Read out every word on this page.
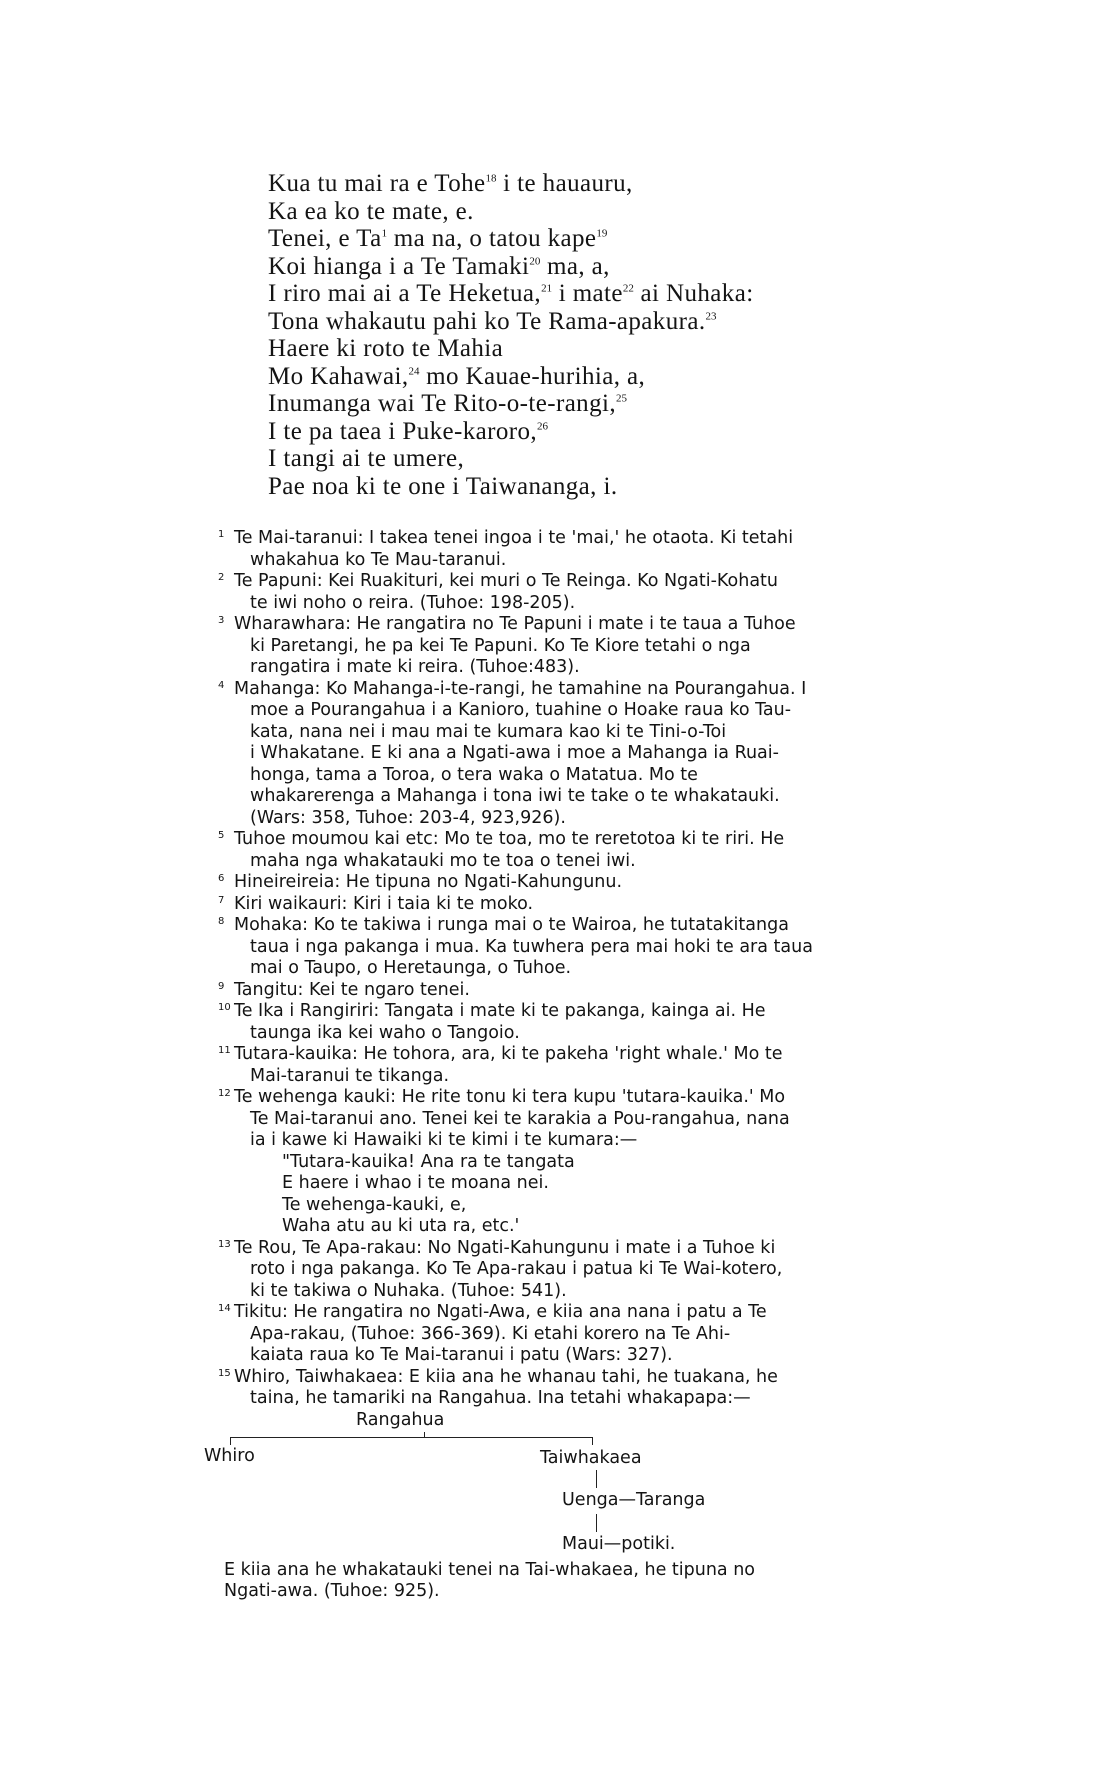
Kua tu mai ra e Tohe$^{18}$ i te hauauru,
Ka ea ko te mate, e.
Tenei, e Ta$^1$ ma na, o tatou kape$^{19}$
Koi hianga i a Te Tamaki$^{20}$ ma, a,
I riro mai ai a Te Heketua,$^{21}$ i mate$^{22}$ ai Nuhaka:
Tona whakautu pahi ko Te Rama-apakura.$^{23}$
Haere ki roto te Mahia
Mo Kahawai,$^{24}$ mo Kauae-hurihia, a,
Inumanga wai Te Rito-o-te-rangi,$^{25}$
I te pa taea i Puke-karoro,$^{26}$
I tangi ai te umere,
Pae noa ki te one i Taiwananga, i.
1 Te Mai-taranui: I takea tenei ingoa i te 'mai,' he otaota. Ki tetahi
whakahua ko Te Mau-taranui.
2 Te Papuni: Kei Ruakituri, kei muri o Te Reinga. Ko Ngati-Kohatu
te iwi noho o reira. (Tuhoe: 198-205).
3 Wharawhara: He rangatira no Te Papuni i mate i te taua a Tuhoe
ki Paretangi, he pa kei Te Papuni. Ko Te Kiore tetahi o nga
rangatira i mate ki reira. (Tuhoe:483).
4 Mahanga: Ko Mahanga-i-te-rangi, he tamahine na Pourangahua. I
moe a Pourangahua i a Kanioro, tuahine o Hoake raua ko Tau-
kata, nana nei i mau mai te kumara kao ki te Tini-o-Toi
i Whakatane. E ki ana a Ngati-awa i moe a Mahanga ia Ruai-
honga, tama a Toroa, o tera waka o Matatua. Mo te
whakarerenga a Mahanga i tona iwi te take o te whakatauki.
(Wars: 358, Tuhoe: 203-4, 923,926).
5 Tuhoe moumou kai etc: Mo te toa, mo te reretotoa ki te riri. He
maha nga whakatauki mo te toa o tenei iwi.
6 Hineireireia: He tipuna no Ngati-Kahungunu.
7 Kiri waikauri: Kiri i taia ki te moko.
8 Mohaka: Ko te takiwa i runga mai o te Wairoa, he tutatakitanga
taua i nga pakanga i mua. Ka tuwhera pera mai hoki te ara taua
mai o Taupo, o Heretaunga, o Tuhoe.
9 Tangitu: Kei te ngaro tenei.
10 Te Ika i Rangiriri: Tangata i mate ki te pakanga, kainga ai. He
taunga ika kei waho o Tangoio.
11 Tutara-kauika: He tohora, ara, ki te pakeha 'right whale.' Mo te
Mai-taranui te tikanga.
12 Te wehenga kauki: He rite tonu ki tera kupu 'tutara-kauika.' Mo
Te Mai-taranui ano. Tenei kei te karakia a Pou-rangahua, nana
ia i kawe ki Hawaiki ki te kimi i te kumara:—
"Tutara-kauika! Ana ra te tangata
E haere i whao i te moana nei.
Te wehenga-kauki, e,
Waha atu au ki uta ra, etc.'
13 Te Rou, Te Apa-rakau: No Ngati-Kahungunu i mate i a Tuhoe ki
roto i nga pakanga. Ko Te Apa-rakau i patua ki Te Wai-kotero,
ki te takiwa o Nuhaka. (Tuhoe: 541).
14 Tikitu: He rangatira no Ngati-Awa, e kiia ana nana i patu a Te
Apa-rakau, (Tuhoe: 366-369). Ki etahi korero na Te Ahi-
kaiata raua ko Te Mai-taranui i patu (Wars: 327).
15 Whiro, Taiwhakaea: E kiia ana he whanau tahi, he tuakana, he
taina, he tamariki na Rangahua. Ina tetahi whakapapa:—
Rangahua
Whiro	Taiwhakaea
Uenga—Taranga
Maui—potiki.
E kiia ana he whakatauki tenei na Tai-whakaea, he tipuna no
Ngati-awa. (Tuhoe: 925).
